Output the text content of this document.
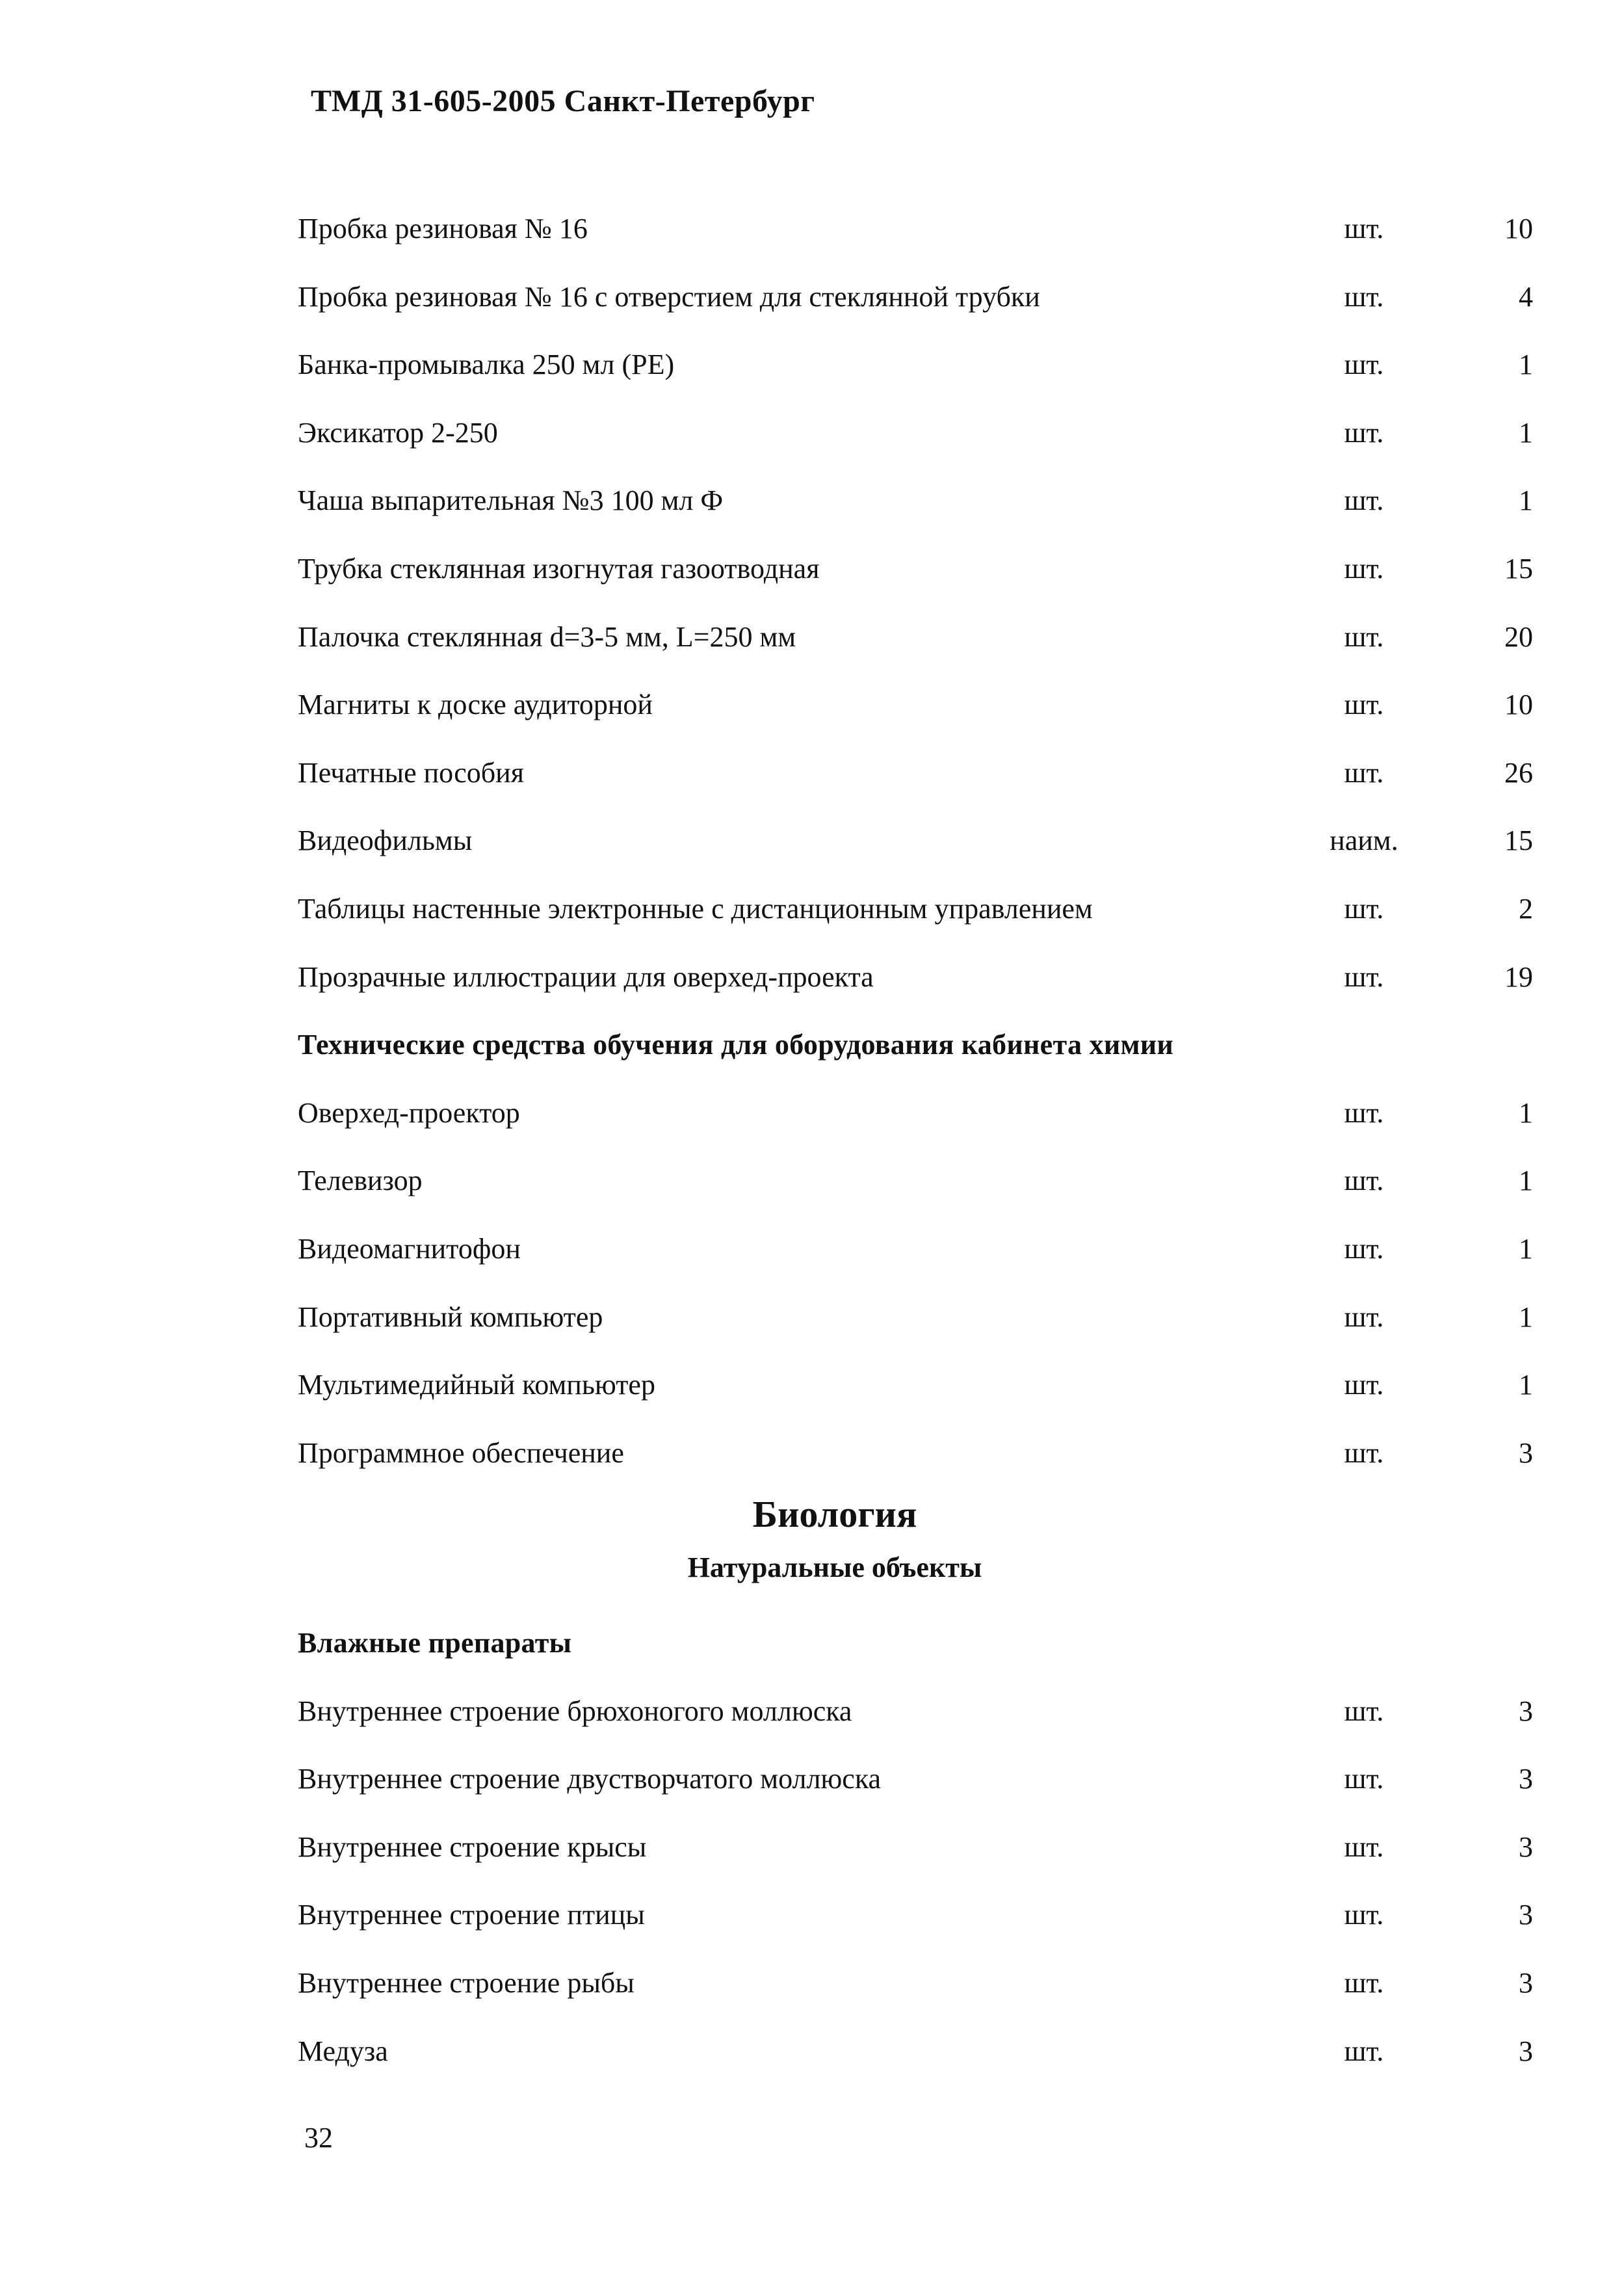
ТМД 31-605-2005 Санкт-Петербург
Пробка резиновая № 16	шт.	10
Пробка резиновая № 16 с отверстием для стеклянной трубки	шт.	4
Банка-промывалка 250 мл (PE)	шт.	1
Эксикатор 2-250	шт.	1
Чаша выпарительная №3 100 мл Ф	шт.	1
Трубка стеклянная изогнутая газоотводная	шт.	15
Палочка стеклянная d=3-5 мм, L=250 мм	шт.	20
Магниты к доске аудиторной	шт.	10
Печатные пособия	шт.	26
Видеофильмы	наим.	15
Таблицы настенные электронные с дистанционным управлением	шт.	2
Прозрачные иллюстрации для оверхед-проекта	шт.	19
Технические средства обучения для оборудования кабинета химии
Оверхед-проектор	шт.	1
Телевизор	шт.	1
Видеомагнитофон	шт.	1
Портативный компьютер	шт.	1
Мультимедийный компьютер	шт.	1
Программное обеспечение	шт.	3
Биология
Натуральные объекты
Влажные препараты
Внутреннее строение брюхоногого моллюска	шт.	3
Внутреннее строение двустворчатого моллюска	шт.	3
Внутреннее строение крысы	шт.	3
Внутреннее строение птицы	шт.	3
Внутреннее строение рыбы	шт.	3
Медуза	шт.	3
32
